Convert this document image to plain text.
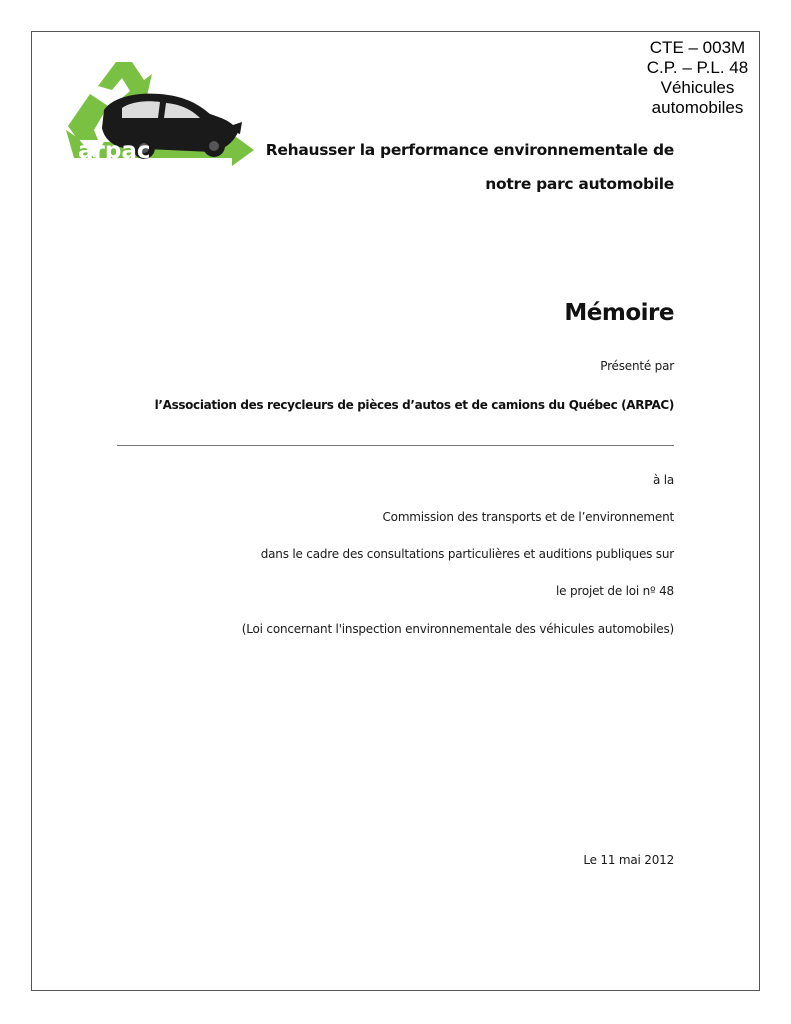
CTE – 003M
C.P. – P.L. 48
Véhicules
automobiles
arpac	Rehausser la performance environnementale de
notre parc automobile
Mémoire
Présenté par
l’Association des recycleurs de pièces d’autos et de camions du Québec (ARPAC)
à la
Commission des transports et de l’environnement
dans le cadre des consultations particulières et auditions publiques sur
le projet de loi nº 48
(Loi concernant l'inspection environnementale des véhicules automobiles)
Le 11 mai 2012
